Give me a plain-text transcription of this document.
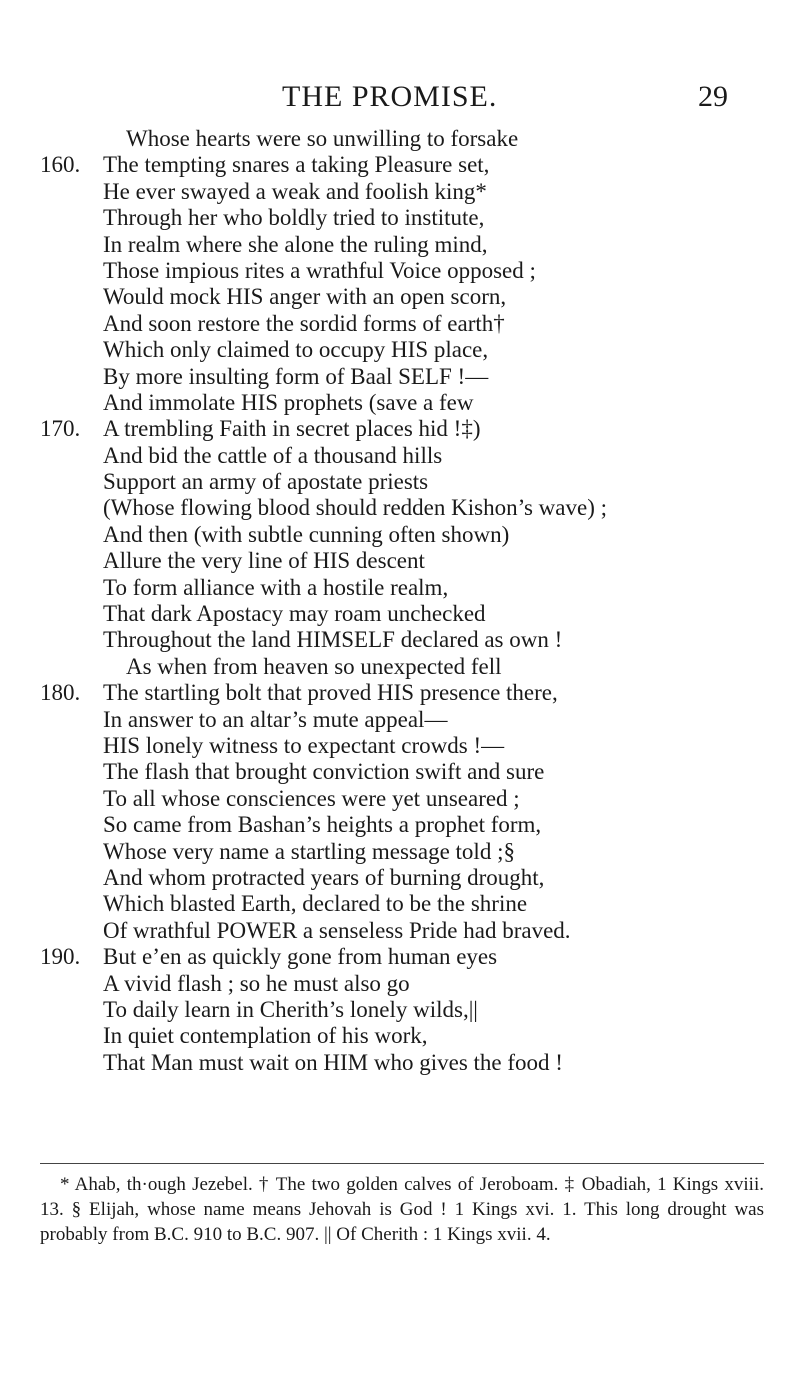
THE PROMISE.	29
Whose hearts were so unwilling to forsake
160. The tempting snares a taking Pleasure set,
He ever swayed a weak and foolish king*
Through her who boldly tried to institute,
In realm where she alone the ruling mind,
Those impious rites a wrathful Voice opposed ;
Would mock HIS anger with an open scorn,
And soon restore the sordid forms of earth†
Which only claimed to occupy HIS place,
By more insulting form of Baal SELF !—
And immolate HIS prophets (save a few
170. A trembling Faith in secret places hid !‡)
And bid the cattle of a thousand hills
Support an army of apostate priests
(Whose flowing blood should redden Kishon’s wave) ;
And then (with subtle cunning often shown)
Allure the very line of HIS descent
To form alliance with a hostile realm,
That dark Apostacy may roam unchecked
Throughout the land HIMSELF declared as own !
As when from heaven so unexpected fell
180. The startling bolt that proved HIS presence there,
In answer to an altar’s mute appeal—
HIS lonely witness to expectant crowds !—
The flash that brought conviction swift and sure
To all whose consciences were yet unseared ;
So came from Bashan’s heights a prophet form,
Whose very name a startling message told ;§
And whom protracted years of burning drought,
Which blasted Earth, declared to be the shrine
Of wrathful POWER a senseless Pride had braved.
190. But e’en as quickly gone from human eyes
A vivid flash ; so he must also go
To daily learn in Cherith’s lonely wilds,||
In quiet contemplation of his work,
That Man must wait on HIM who gives the food !

* Ahab, th·ough Jezebel. † The two golden calves of Jeroboam. ‡ Obadiah, 1 Kings xviii. 13. § Elijah, whose name means Jehovah is God ! 1 Kings xvi. 1. This long drought was probably from B.C. 910 to B.C. 907. || Of Cherith : 1 Kings xvii. 4.
